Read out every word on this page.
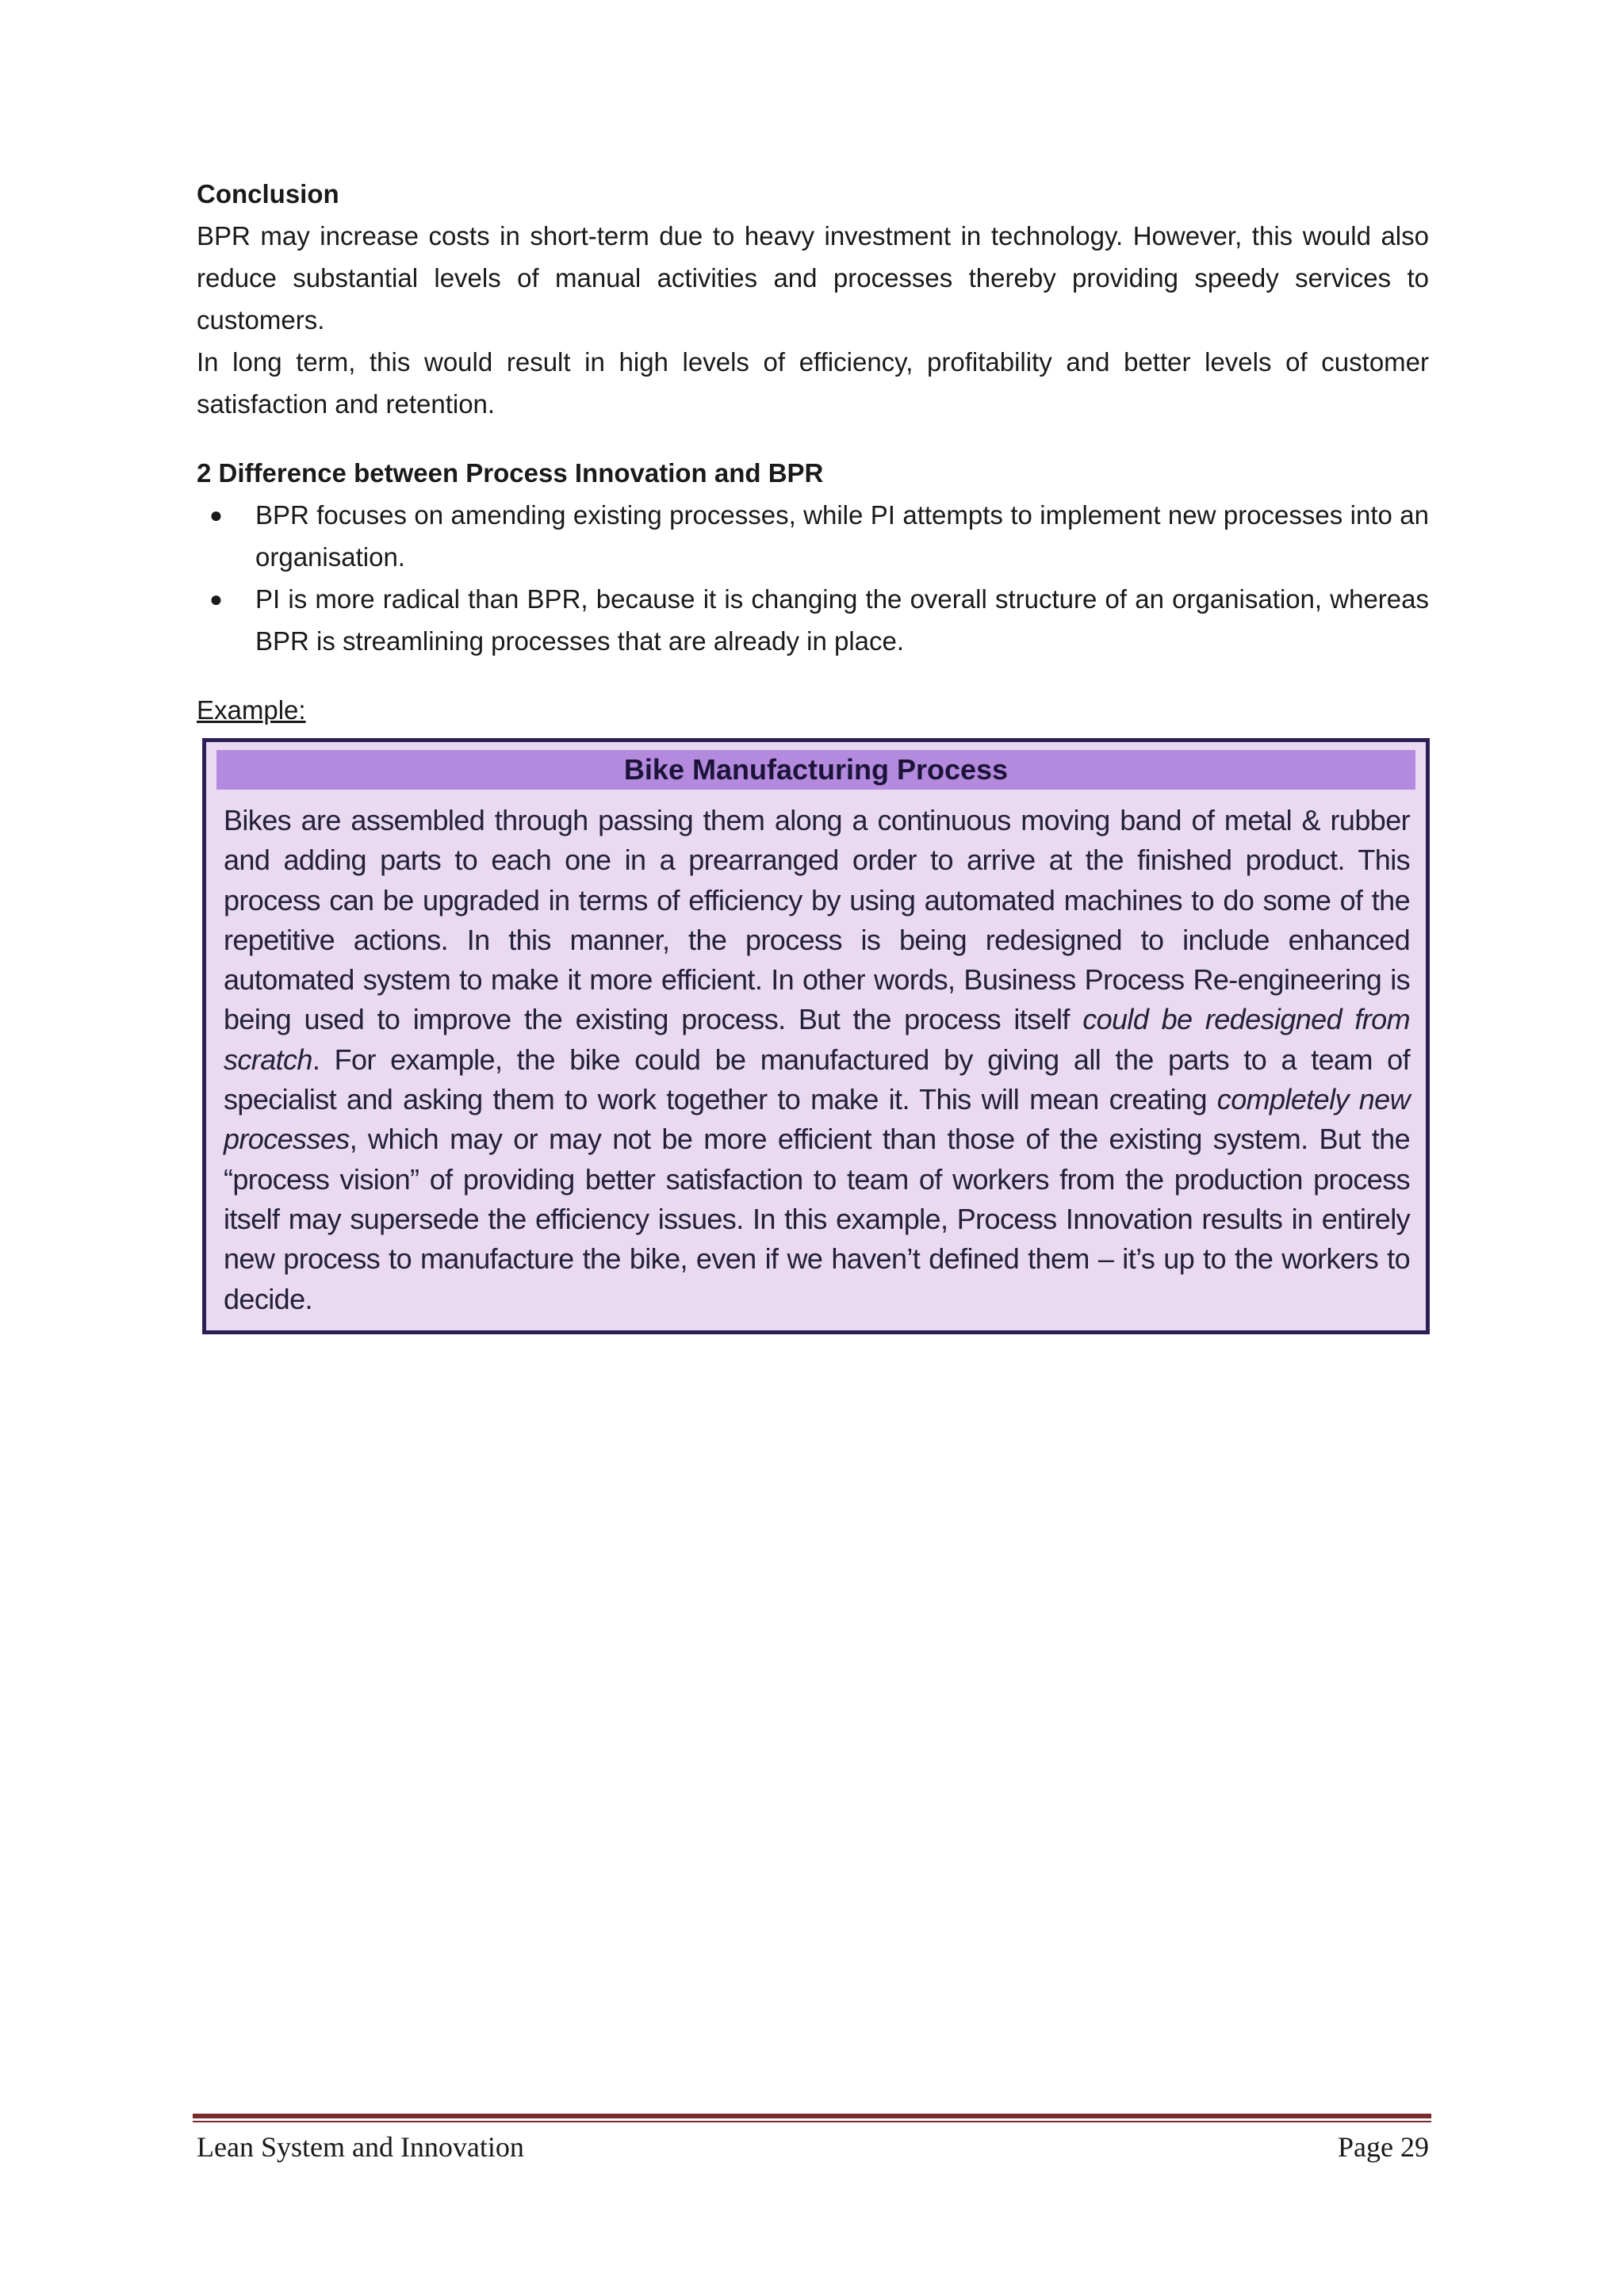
Conclusion

BPR may increase costs in short-term due to heavy investment in technology. However, this would also reduce substantial levels of manual activities and processes thereby providing speedy services to customers.

In long term, this would result in high levels of efficiency, profitability and better levels of customer satisfaction and retention.

2 Difference between Process Innovation and BPR

● BPR focuses on amending existing processes, while PI attempts to implement new processes into an organisation.
● PI is more radical than BPR, because it is changing the overall structure of an organisation, whereas BPR is streamlining processes that are already in place.

Example:

Bike Manufacturing Process
Bikes are assembled through passing them along a continuous moving band of metal & rubber and adding parts to each one in a prearranged order to arrive at the finished product. This process can be upgraded in terms of efficiency by using automated machines to do some of the repetitive actions. In this manner, the process is being redesigned to include enhanced automated system to make it more efficient. In other words, Business Process Re-engineering is being used to improve the existing process. But the process itself could be redesigned from scratch. For example, the bike could be manufactured by giving all the parts to a team of specialist and asking them to work together to make it. This will mean creating completely new processes, which may or may not be more efficient than those of the existing system. But the “process vision” of providing better satisfaction to team of workers from the production process itself may supersede the efficiency issues. In this example, Process Innovation results in entirely new process to manufacture the bike, even if we haven’t defined them – it’s up to the workers to decide.
Lean System and Innovation	Page 29
